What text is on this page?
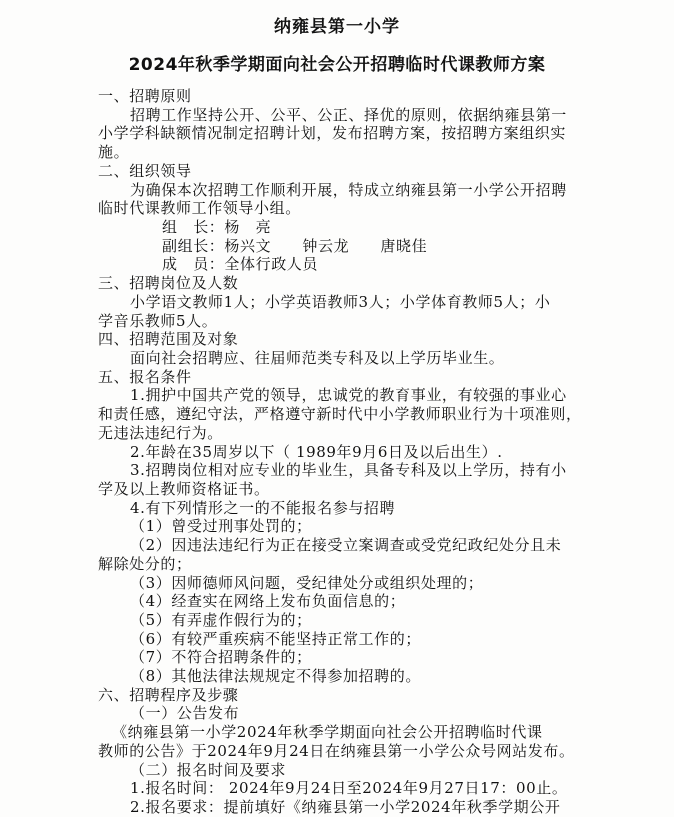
纳雍县第一小学
2024年秋季学期面向社会公开招聘临时代课教师方案
一、招聘原则
招聘工作坚持公开、公平、公正、择优的原则，依据纳雍县第一
小学学科缺额情况制定招聘计划，发布招聘方案，按招聘方案组织实
施。
二、组织领导
为确保本次招聘工作顺利开展，特成立纳雍县第一小学公开招聘
临时代课教师工作领导小组。
组　长：杨　亮
副组长：杨兴文　　钟云龙　　唐晓佳
成　员：全体行政人员
三、招聘岗位及人数
小学语文教师1人；小学英语教师3人；小学体育教师5人；小
学音乐教师5人。
四、招聘范围及对象
面向社会招聘应、往届师范类专科及以上学历毕业生。
五、报名条件
1.拥护中国共产党的领导，忠诚党的教育事业，有较强的事业心
和责任感，遵纪守法，严格遵守新时代中小学教师职业行为十项准则，
无违法违纪行为。
2.年龄在35周岁以下（ 1989年9月6日及以后出生）.
3.招聘岗位相对应专业的毕业生，具备专科及以上学历，持有小
学及以上教师资格证书。
4.有下列情形之一的不能报名参与招聘
（1）曾受过刑事处罚的；
（2）因违法违纪行为正在接受立案调查或受党纪政纪处分且未
解除处分的；
（3）因师德师风问题，受纪律处分或组织处理的；
（4）经查实在网络上发布负面信息的；
（5）有弄虚作假行为的；
（6）有较严重疾病不能坚持正常工作的；
（7）不符合招聘条件的；
（8）其他法律法规规定不得参加招聘的。
六、招聘程序及步骤
（一）公告发布
《纳雍县第一小学2024年秋季学期面向社会公开招聘临时代课
教师的公告》于2024年9月24日在纳雍县第一小学公众号网站发布。
（二）报名时间及要求
1.报名时间： 2024年9月24日至2024年9月27日17：00止。
2.报名要求：提前填好《纳雍县第一小学2024年秋季学期公开
